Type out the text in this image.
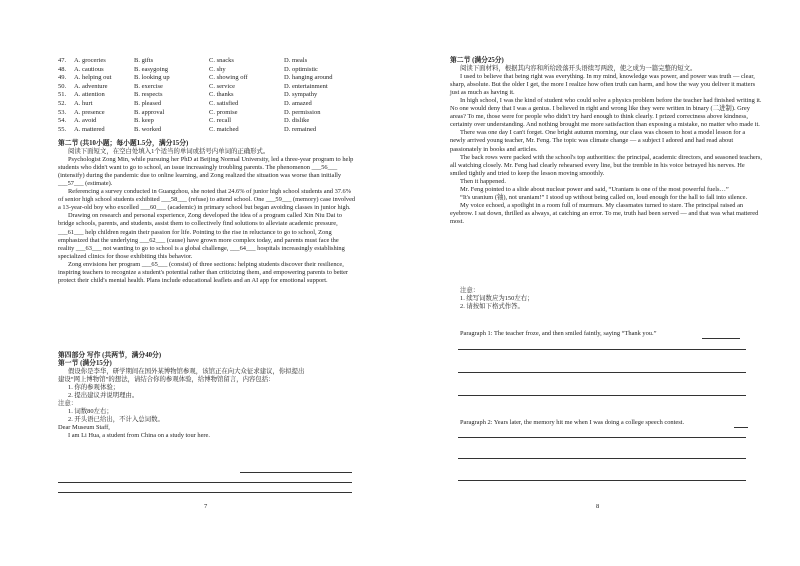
47.	A. groceries	B. gifts	C. snacks	D. meals
48.	A. cautious	B. easygoing	C. shy	D. optimistic
49.	A. helping out	B. looking up	C. showing off	D. hanging around
50.	A. adventure	B. exercise	C. service	D. entertainment
51.	A. attention	B. respects	C. thanks	D. sympathy
52.	A. hurt	B. pleased	C. satisfied	D. amazed
53.	A. presence	B. approval	C. promise	D. permission
54.	A. avoid	B. keep	C. recall	D. dislike
55.	A. mattered	B. worked	C. matched	D. remained

第二节 (共10小题；每小题1.5分，满分15分)

阅读下面短文，在空白处填入1个适当的单词或括号内单词的正确形式。

Psychologist Zong Min, while pursuing her PhD at Beijing Normal University, led a three-year program to help students who didn't want to go to school, an issue increasingly troubling parents. The phenomenon ___56___ (intensify) during the pandemic due to online learning, and Zong realized the situation was worse than initially ___57___ (estimate).

Referencing a survey conducted in Guangzhou, she noted that 24.6% of junior high school students and 37.6% of senior high school students exhibited ___58___ (refuse) to attend school. One ___59___ (memory) case involved a 13-year-old boy who excelled ___60___ (academic) in primary school but began avoiding classes in junior high.

Drawing on research and personal experience, Zong developed the idea of a program called Xin Niu Dai to bridge schools, parents, and students, assist them to collectively find solutions to alleviate academic pressure, ___61___ help children regain their passion for life. Pointing to the rise in reluctance to go to school, Zong emphasized that the underlying ___62___ (cause) have grown more complex today, and parents must face the reality ___63___ not wanting to go to school is a global challenge, ___64___ hospitals increasingly establishing specialized clinics for those exhibiting this behavior.

Zong envisions her program ___65___ (consist) of three sections: helping students discover their resilience, inspiring teachers to recognize a student's potential rather than criticizing them, and empowering parents to better protect their child's mental health. Plans include educational leaflets and an AI app for emotional support.

第四部分 写作 (共两节，满分40分)

第一节 (满分15分)

假设你是李华，研学期间在国外某博物馆参观，该馆正在向大众征求建议，你拟提出

建设“网上博物馆”的想法，请结合你的参观体验，给博物馆留言，内容包括：

1. 你的参观体验；

2. 提出建议并说明理由。

注意：

1. 词数80左右；

2. 开头语已给出，不计入总词数。

Dear Museum Staff,

I am Li Hua, a student from China on a study tour here.

7

第二节 (满分25分)

阅读下面材料，根据其内容和所给段落开头语续写两段，使之成为一篇完整的短文。

I used to believe that being right was everything. In my mind, knowledge was power, and power was truth — clear, sharp, absolute. But the older I get, the more I realize how often truth can harm, and how the way you deliver it matters just as much as having it.

In high school, I was the kind of student who could solve a physics problem before the teacher had finished writing it. No one would deny that I was a genius. I believed in right and wrong like they were written in binary (二进制). Grey areas? To me, those were for people who didn't try hard enough to think clearly. I prized correctness above kindness, certainty over understanding. And nothing brought me more satisfaction than exposing a mistake, no matter who made it.

There was one day I can't forget. One bright autumn morning, our class was chosen to host a model lesson for a newly arrived young teacher, Mr. Feng. The topic was climate change — a subject I adored and had read about passionately in books and articles.

The back rows were packed with the school's top authorities: the principal, academic directors, and seasoned teachers, all watching closely. Mr. Feng had clearly rehearsed every line, but the tremble in his voice betrayed his nerves. He smiled tightly and tried to keep the lesson moving smoothly.

Then it happened.

Mr. Feng pointed to a slide about nuclear power and said, “Uraniam is one of the most powerful fuels…”

“It's uranium (铀), not uraniam!” I stood up without being called on, loud enough for the hall to fall into silence.

My voice echoed, a spotlight in a room full of murmurs. My classmates turned to stare. The principal raised an eyebrow. I sat down, thrilled as always, at catching an error. To me, truth had been served — and that was what mattered most.

注意：

1. 续写词数应为150左右；

2. 请按如下格式作答。

Paragraph 1: The teacher froze, and then smiled faintly, saying “Thank you.”

Paragraph 2: Years later, the memory hit me when I was doing a college speech contest.

8
